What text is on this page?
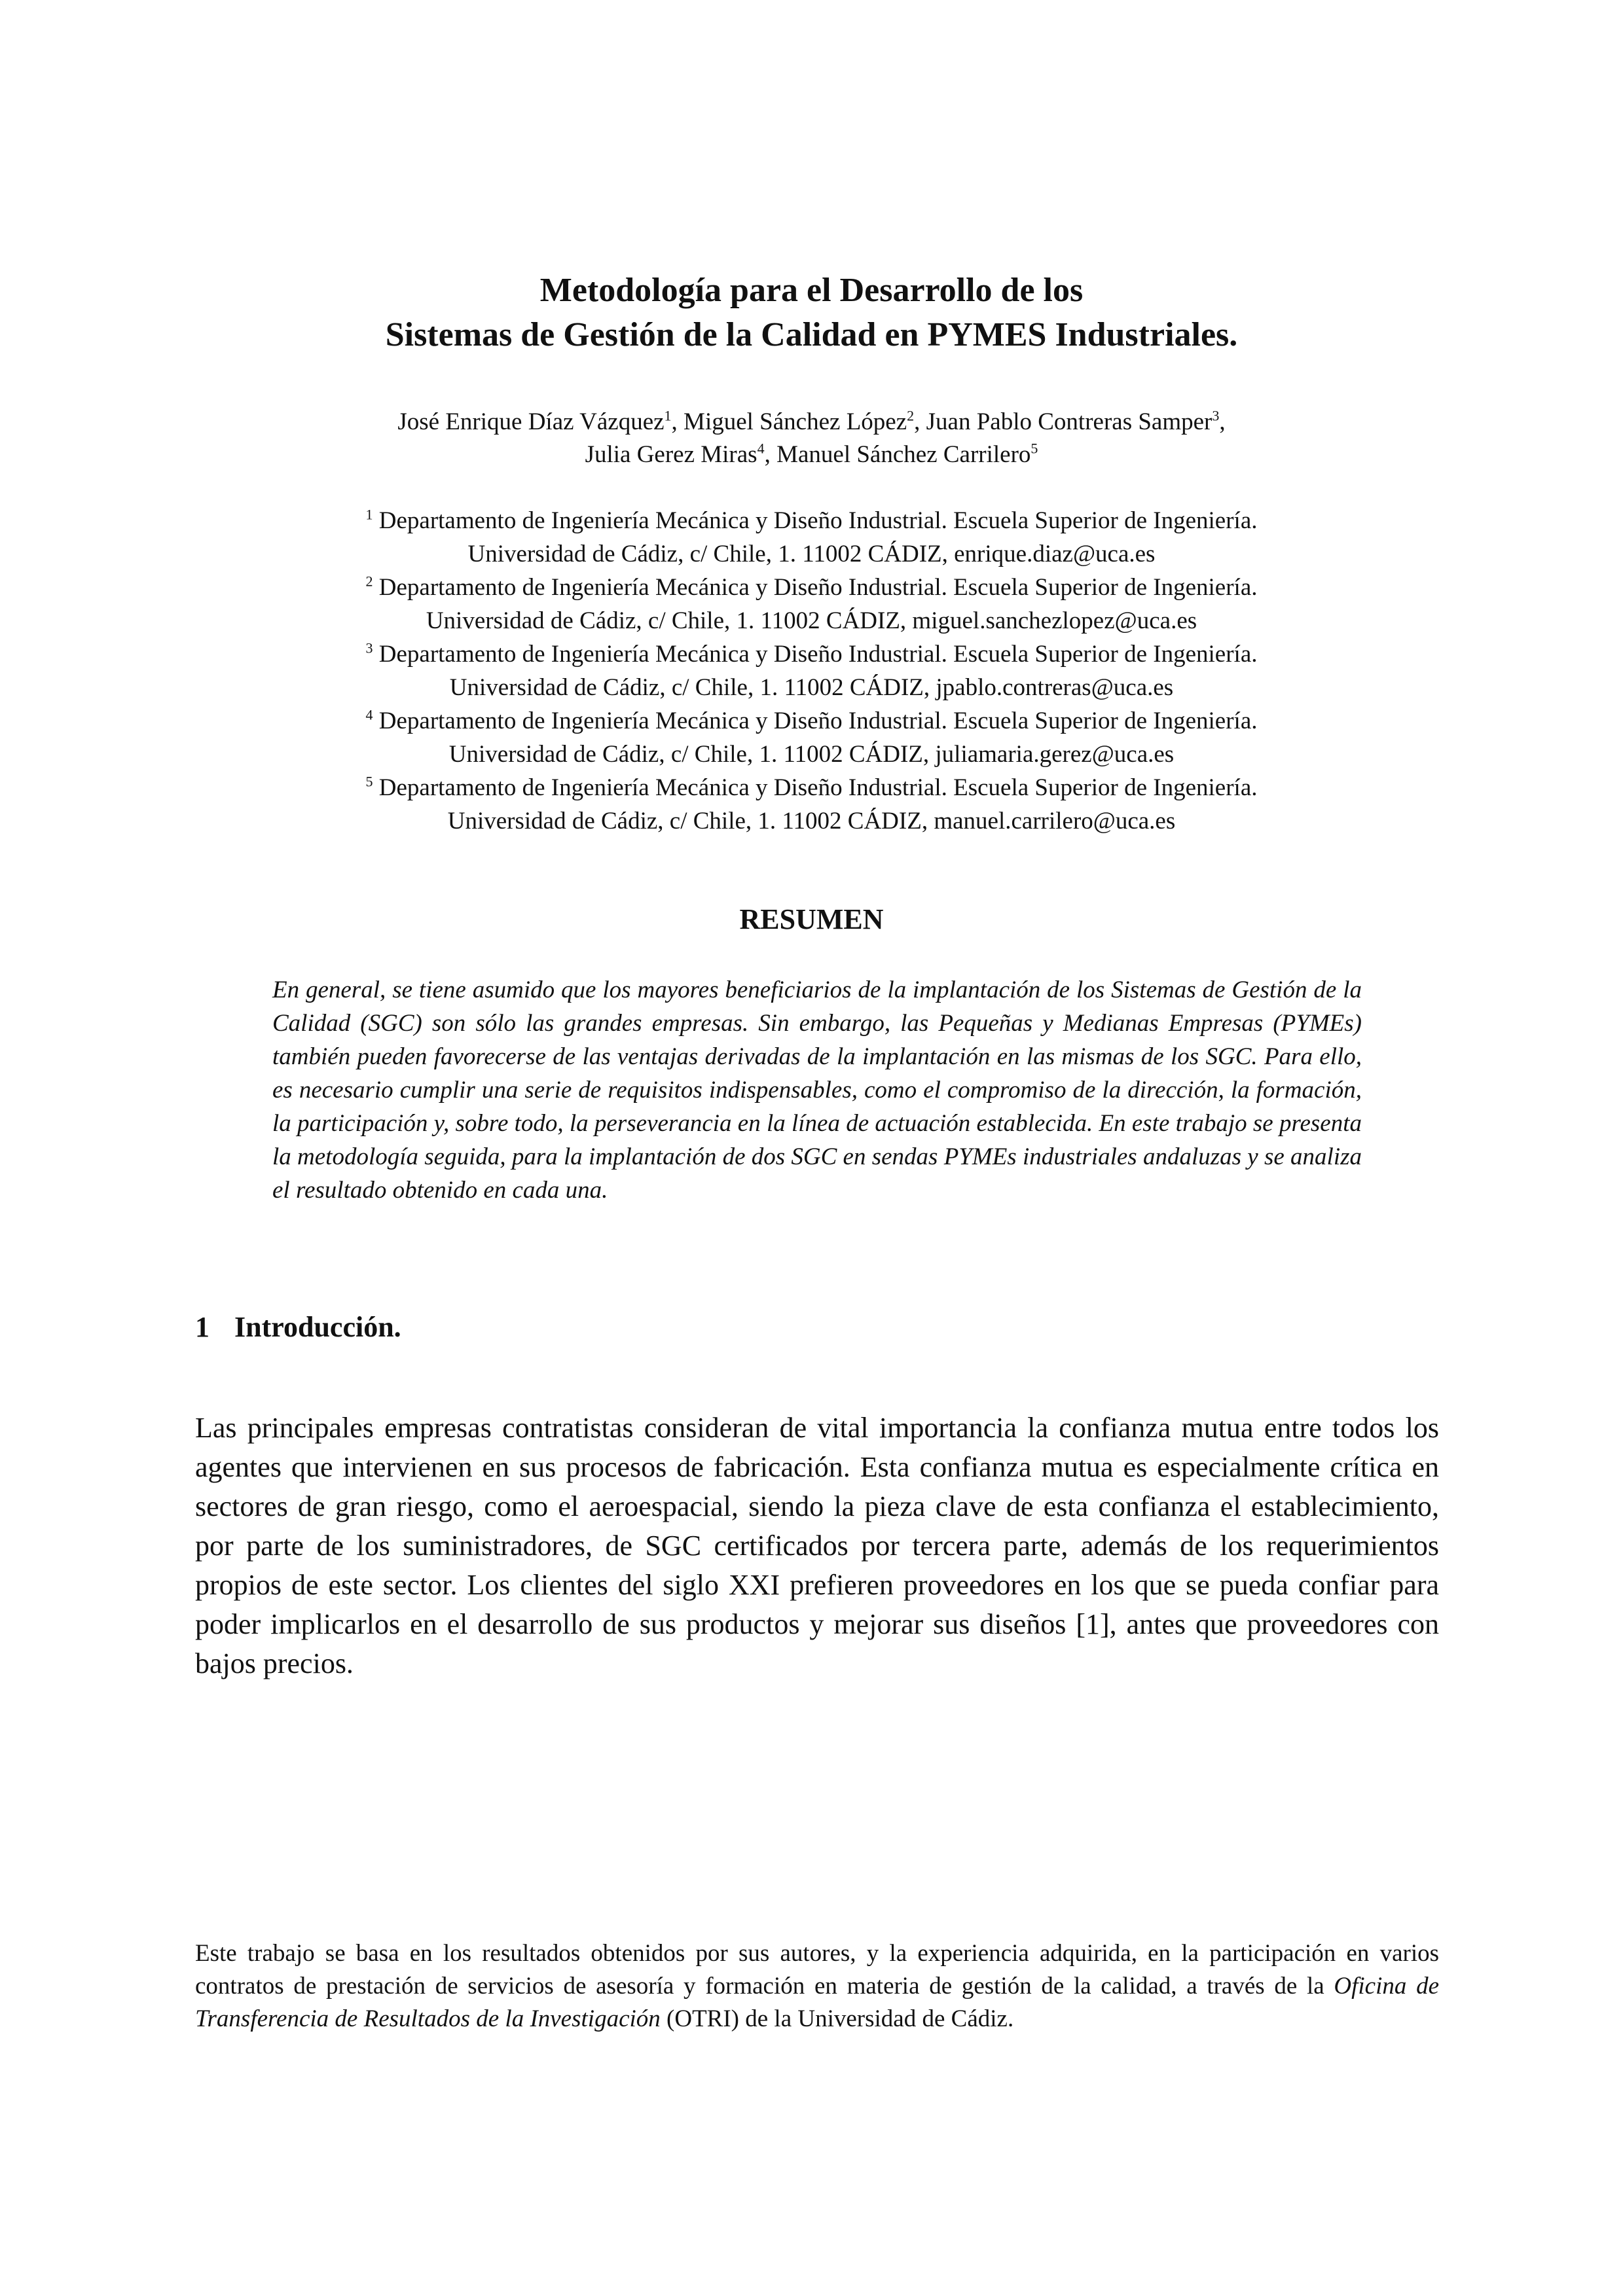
Metodología para el Desarrollo de los
Sistemas de Gestión de la Calidad en PYMES Industriales.
José Enrique Díaz Vázquez$^1$, Miguel Sánchez López$^2$, Juan Pablo Contreras Samper$^3$,
Julia Gerez Miras$^4$, Manuel Sánchez Carrilero$^5$
$^1$ Departamento de Ingeniería Mecánica y Diseño Industrial. Escuela Superior de Ingeniería.
Universidad de Cádiz, c/ Chile, 1. 11002 CÁDIZ, enrique.diaz@uca.es
$^2$ Departamento de Ingeniería Mecánica y Diseño Industrial. Escuela Superior de Ingeniería.
Universidad de Cádiz, c/ Chile, 1. 11002 CÁDIZ, miguel.sanchezlopez@uca.es
$^3$ Departamento de Ingeniería Mecánica y Diseño Industrial. Escuela Superior de Ingeniería.
Universidad de Cádiz, c/ Chile, 1. 11002 CÁDIZ, jpablo.contreras@uca.es
$^4$ Departamento de Ingeniería Mecánica y Diseño Industrial. Escuela Superior de Ingeniería.
Universidad de Cádiz, c/ Chile, 1. 11002 CÁDIZ, juliamaria.gerez@uca.es
$^5$ Departamento de Ingeniería Mecánica y Diseño Industrial. Escuela Superior de Ingeniería.
Universidad de Cádiz, c/ Chile, 1. 11002 CÁDIZ, manuel.carrilero@uca.es
RESUMEN

En general, se tiene asumido que los mayores beneficiarios de la implantación de los Sistemas de Gestión de la Calidad (SGC) son sólo las grandes empresas. Sin embargo, las Pequeñas y Medianas Empresas (PYMEs) también pueden favorecerse de las ventajas derivadas de la implantación en las mismas de los SGC. Para ello, es necesario cumplir una serie de requisitos indispensables, como el compromiso de la dirección, la formación, la participación y, sobre todo, la perseverancia en la línea de actuación establecida. En este trabajo se presenta la metodología seguida, para la implantación de dos SGC en sendas PYMEs industriales andaluzas y se analiza el resultado obtenido en cada una.

1 Introducción.

Las principales empresas contratistas consideran de vital importancia la confianza mutua entre todos los agentes que intervienen en sus procesos de fabricación. Esta confianza mutua es especialmente crítica en sectores de gran riesgo, como el aeroespacial, siendo la pieza clave de esta confianza el establecimiento, por parte de los suministradores, de SGC certificados por tercera parte, además de los requerimientos propios de este sector. Los clientes del siglo XXI prefieren proveedores en los que se pueda confiar para poder implicarlos en el desarrollo de sus productos y mejorar sus diseños [1], antes que proveedores con bajos precios.

Este trabajo se basa en los resultados obtenidos por sus autores, y la experiencia adquirida, en la participación en varios contratos de prestación de servicios de asesoría y formación en materia de gestión de la calidad, a través de la Oficina de Transferencia de Resultados de la Investigación (OTRI) de la Universidad de Cádiz.
